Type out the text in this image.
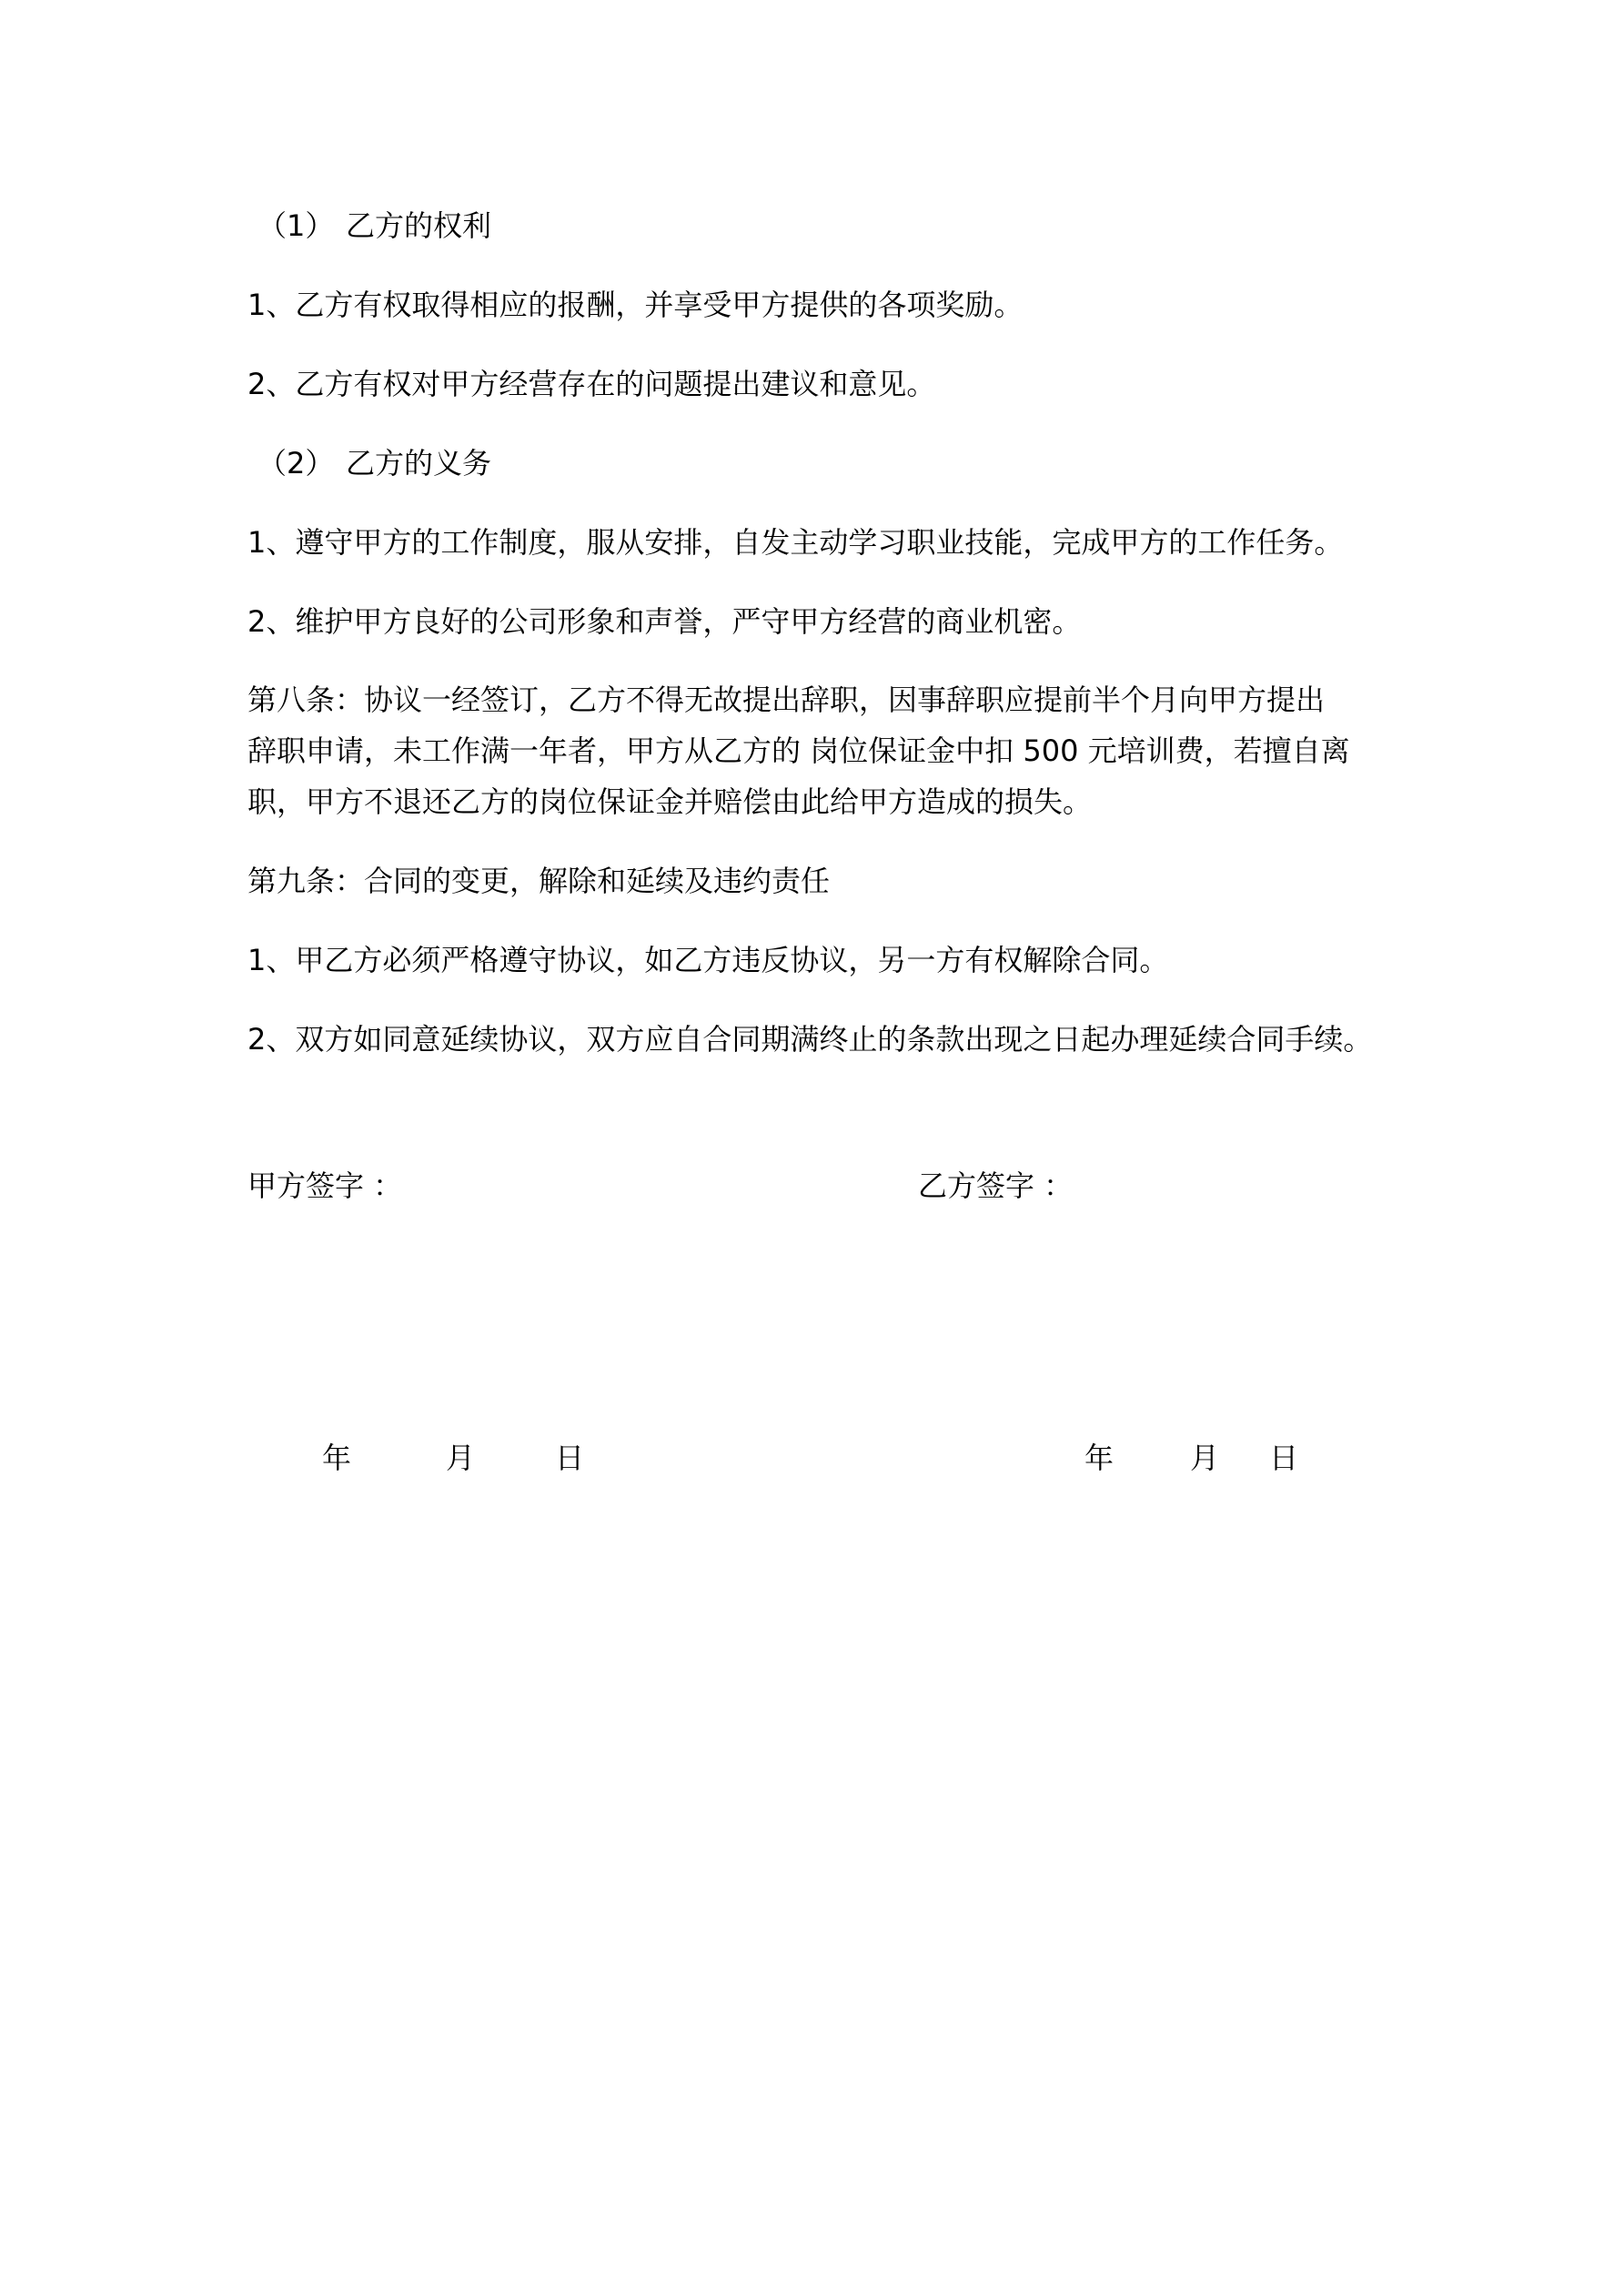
（1） 乙方的权利
1、乙方有权取得相应的报酬，并享受甲方提供的各项奖励。
2、乙方有权对甲方经营存在的问题提出建议和意见。
（2） 乙方的义务
1、遵守甲方的工作制度，服从安排，自发主动学习职业技能，完成甲方的工作任务。
2、维护甲方良好的公司形象和声誉，严守甲方经营的商业机密。
第八条：协议一经签订，乙方不得无故提出辞职，因事辞职应提前半个月向甲方提出
辞职申请，未工作满一年者，甲方从乙方的 岗位保证金中扣 500 元培训费，若擅自离
职，甲方不退还乙方的岗位保证金并赔偿由此给甲方造成的损失。
第九条：合同的变更，解除和延续及违约责任
1、甲乙方必须严格遵守协议，如乙方违反协议，另一方有权解除合同。
2、双方如同意延续协议，双方应自合同期满终止的条款出现之日起办理延续合同手续。
甲方签字 ：	乙方签字 ：
年	月	日	年	月 日
